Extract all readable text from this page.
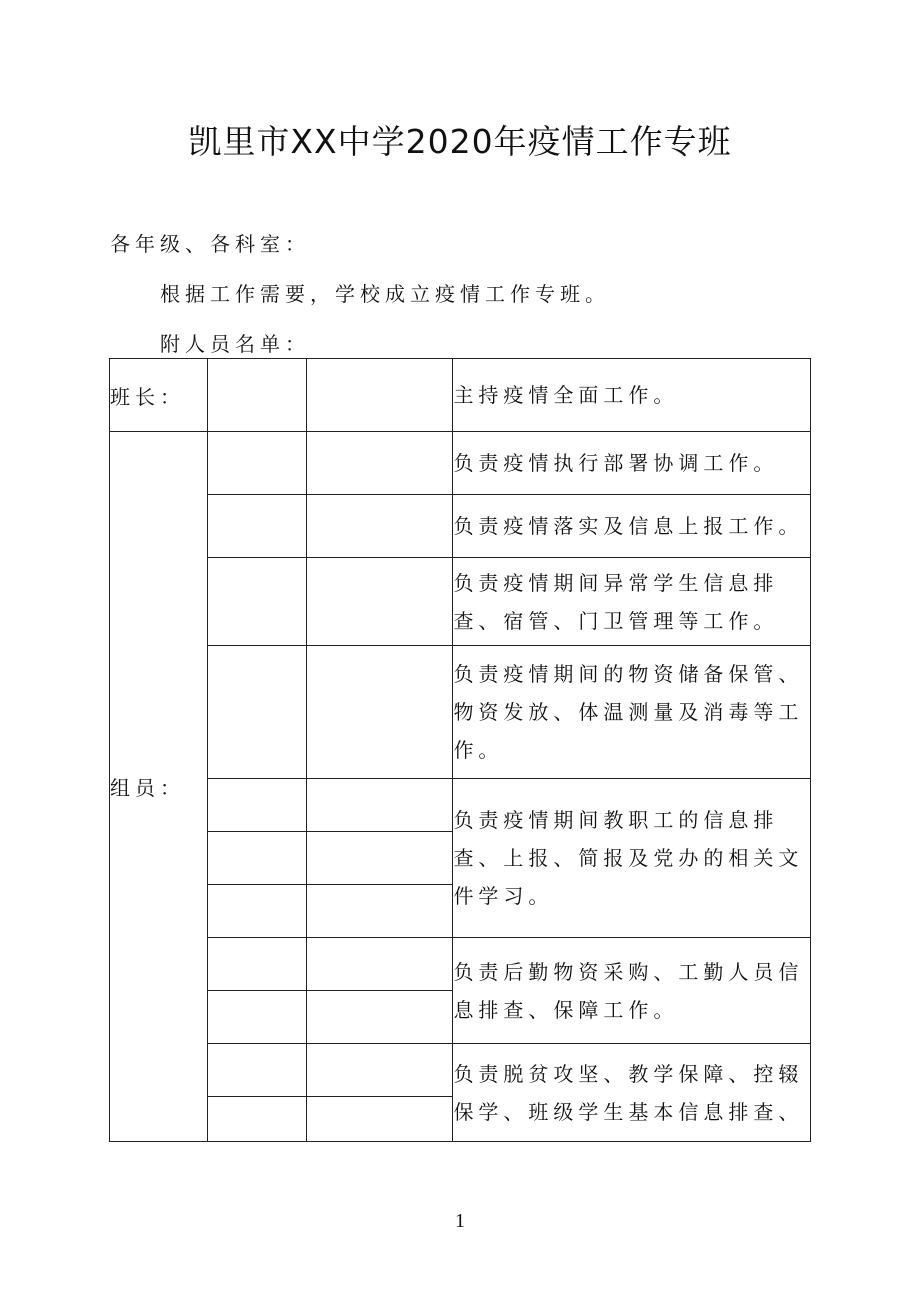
凯里市XX中学2020年疫情工作专班
各年级、各科室：
根据工作需要，学校成立疫情工作专班。
附人员名单：
班长：			主持疫情全面工作。

组员：			负责疫情执行部署协调工作。

			负责疫情落实及信息上报工作。

			负责疫情期间异常学生信息排查、宿管、门卫管理等工作。

			负责疫情期间的物资储备保管、物资发放、体温测量及消毒等工作。

			负责疫情期间教职工的信息排查、上报、简报及党办的相关文件学习。

			负责后勤物资采购、工勤人员信息排查、保障工作。

			负责脱贫攻坚、教学保障、控辍保学、班级学生基本信息排查、

1
